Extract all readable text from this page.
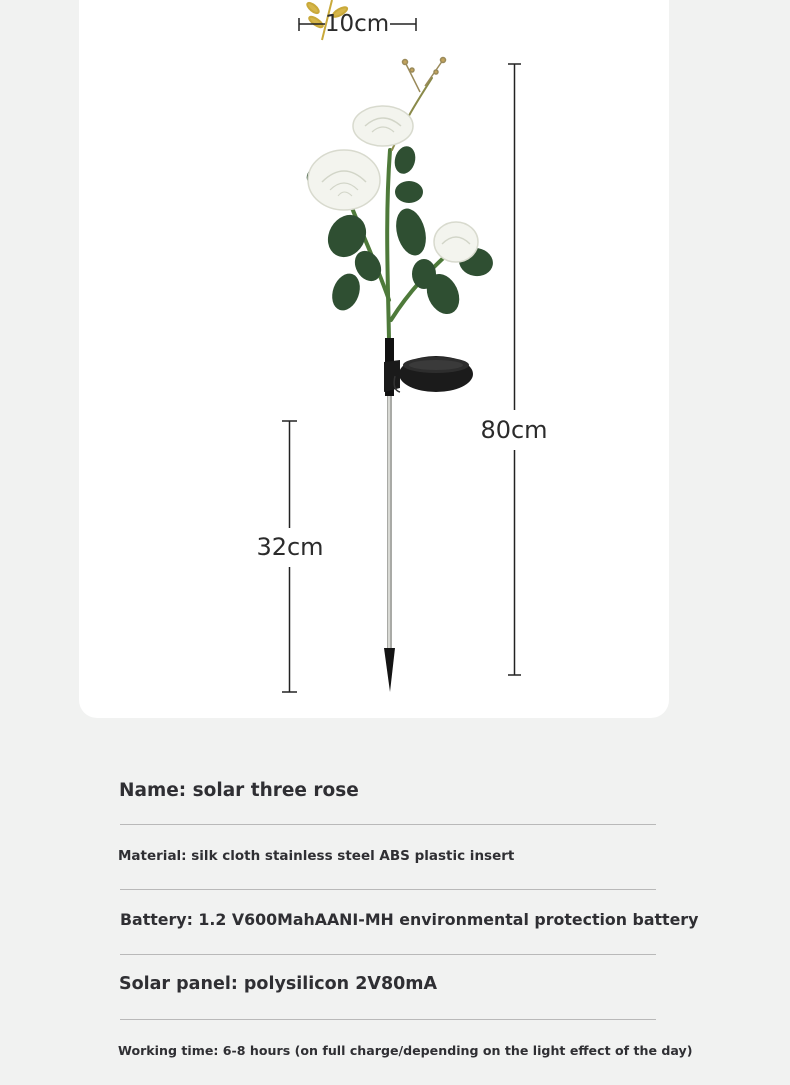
10cm
80cm
32cm
Name: solar three rose
Material: silk cloth stainless steel ABS plastic insert
Battery: 1.2 V600MahAANI-MH environmental protection battery
Solar panel: polysilicon 2V80mA
Working time: 6-8 hours (on full charge/depending on the light effect of the day)
